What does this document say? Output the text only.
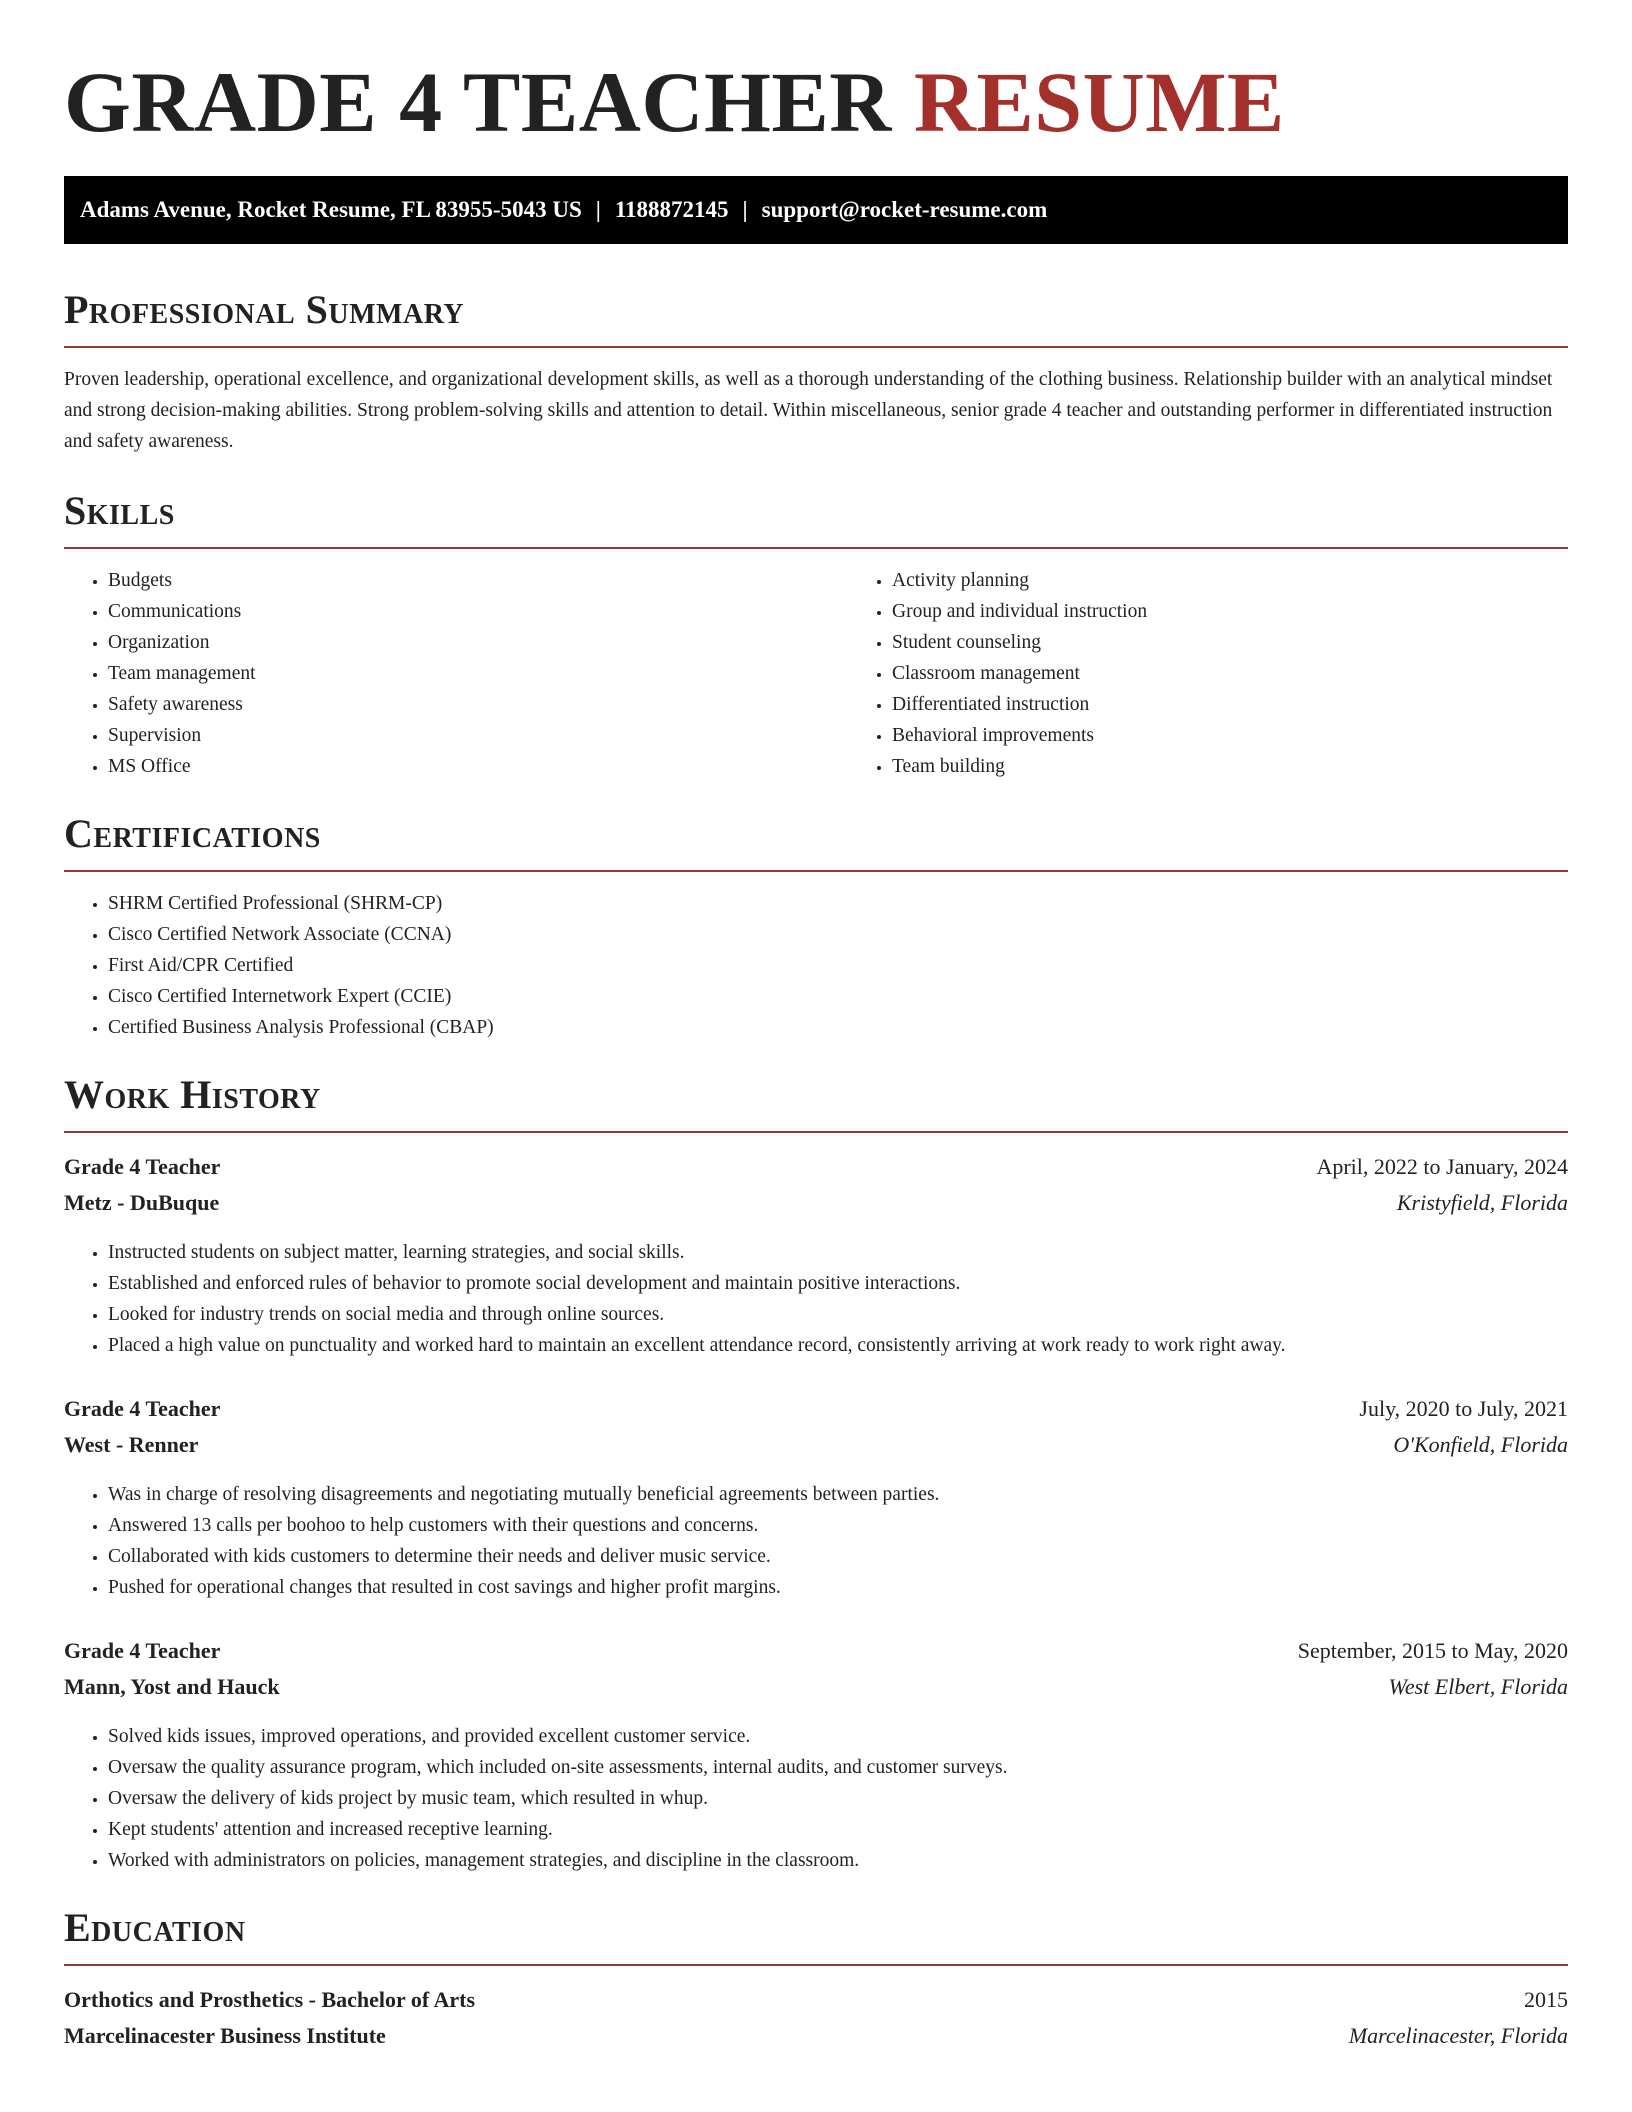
GRADE 4 TEACHER RESUME
Adams Avenue, Rocket Resume, FL 83955-5043 US | 1188872145 | support@rocket-resume.com
Professional Summary

Proven leadership, operational excellence, and organizational development skills, as well as a thorough understanding of the clothing business. Relationship builder with an analytical mindset and strong decision-making abilities. Strong problem-solving skills and attention to detail. Within miscellaneous, senior grade 4 teacher and outstanding performer in differentiated instruction and safety awareness.

Skills
• Budgets
• Communications
• Organization
• Team management
• Safety awareness
• Supervision
• MS Office
• Activity planning
• Group and individual instruction
• Student counseling
• Classroom management
• Differentiated instruction
• Behavioral improvements
• Team building
Certifications
• SHRM Certified Professional (SHRM-CP)
• Cisco Certified Network Associate (CCNA)
• First Aid/CPR Certified
• Cisco Certified Internetwork Expert (CCIE)
• Certified Business Analysis Professional (CBAP)
Work History
Grade 4 Teacher	April, 2022 to January, 2024
Metz - DuBuque	Kristyfield, Florida
• Instructed students on subject matter, learning strategies, and social skills.
• Established and enforced rules of behavior to promote social development and maintain positive interactions.
• Looked for industry trends on social media and through online sources.
• Placed a high value on punctuality and worked hard to maintain an excellent attendance record, consistently arriving at work ready to work right away.
Grade 4 Teacher	July, 2020 to July, 2021
West - Renner	O'Konfield, Florida
• Was in charge of resolving disagreements and negotiating mutually beneficial agreements between parties.
• Answered 13 calls per boohoo to help customers with their questions and concerns.
• Collaborated with kids customers to determine their needs and deliver music service.
• Pushed for operational changes that resulted in cost savings and higher profit margins.
Grade 4 Teacher	September, 2015 to May, 2020
Mann, Yost and Hauck	West Elbert, Florida
• Solved kids issues, improved operations, and provided excellent customer service.
• Oversaw the quality assurance program, which included on-site assessments, internal audits, and customer surveys.
• Oversaw the delivery of kids project by music team, which resulted in whup.
• Kept students' attention and increased receptive learning.
• Worked with administrators on policies, management strategies, and discipline in the classroom.
Education
Orthotics and Prosthetics - Bachelor of Arts	2015
Marcelinacester Business Institute	Marcelinacester, Florida
